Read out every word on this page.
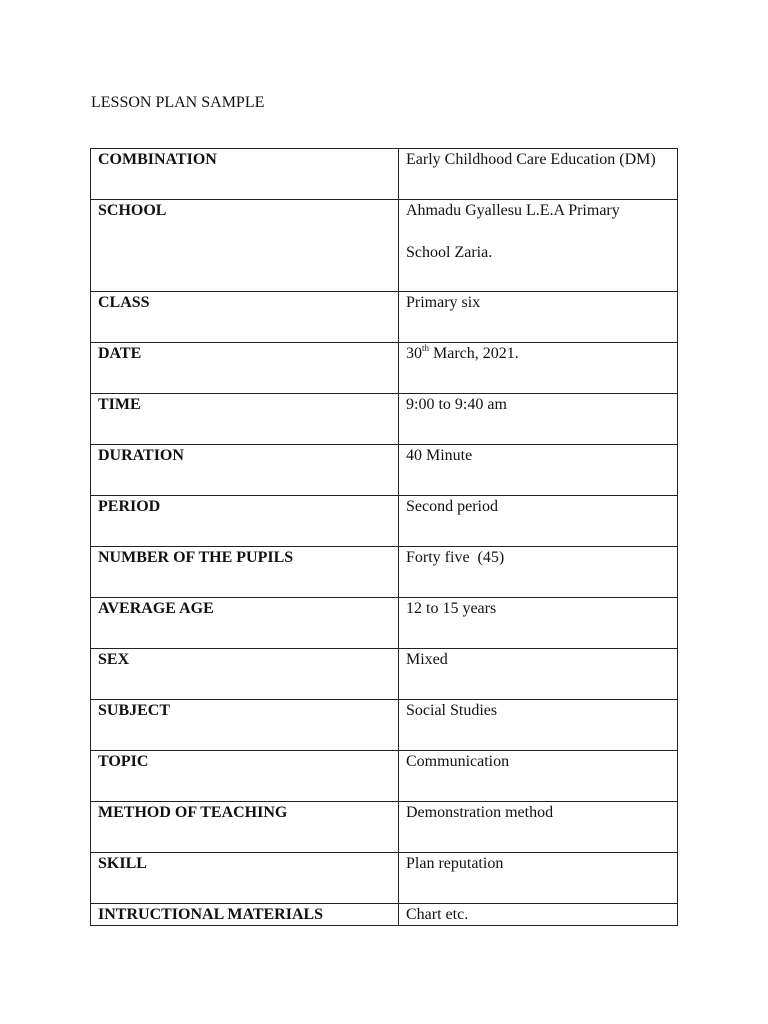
LESSON PLAN SAMPLE
COMBINATION	Early Childhood Care Education (DM)
SCHOOL	Ahmadu Gyallesu L.E.A Primary
School Zaria.

CLASS	Primary six
DATE	30th March, 2021.
TIME	9:00 to 9:40 am
DURATION	40 Minute
PERIOD	Second period
NUMBER OF THE PUPILS	Forty five  (45)
AVERAGE AGE	12 to 15 years
SEX	Mixed
SUBJECT	Social Studies
TOPIC	Communication
METHOD OF TEACHING	Demonstration method
SKILL	Plan reputation
INTRUCTIONAL MATERIALS	Chart etc.
